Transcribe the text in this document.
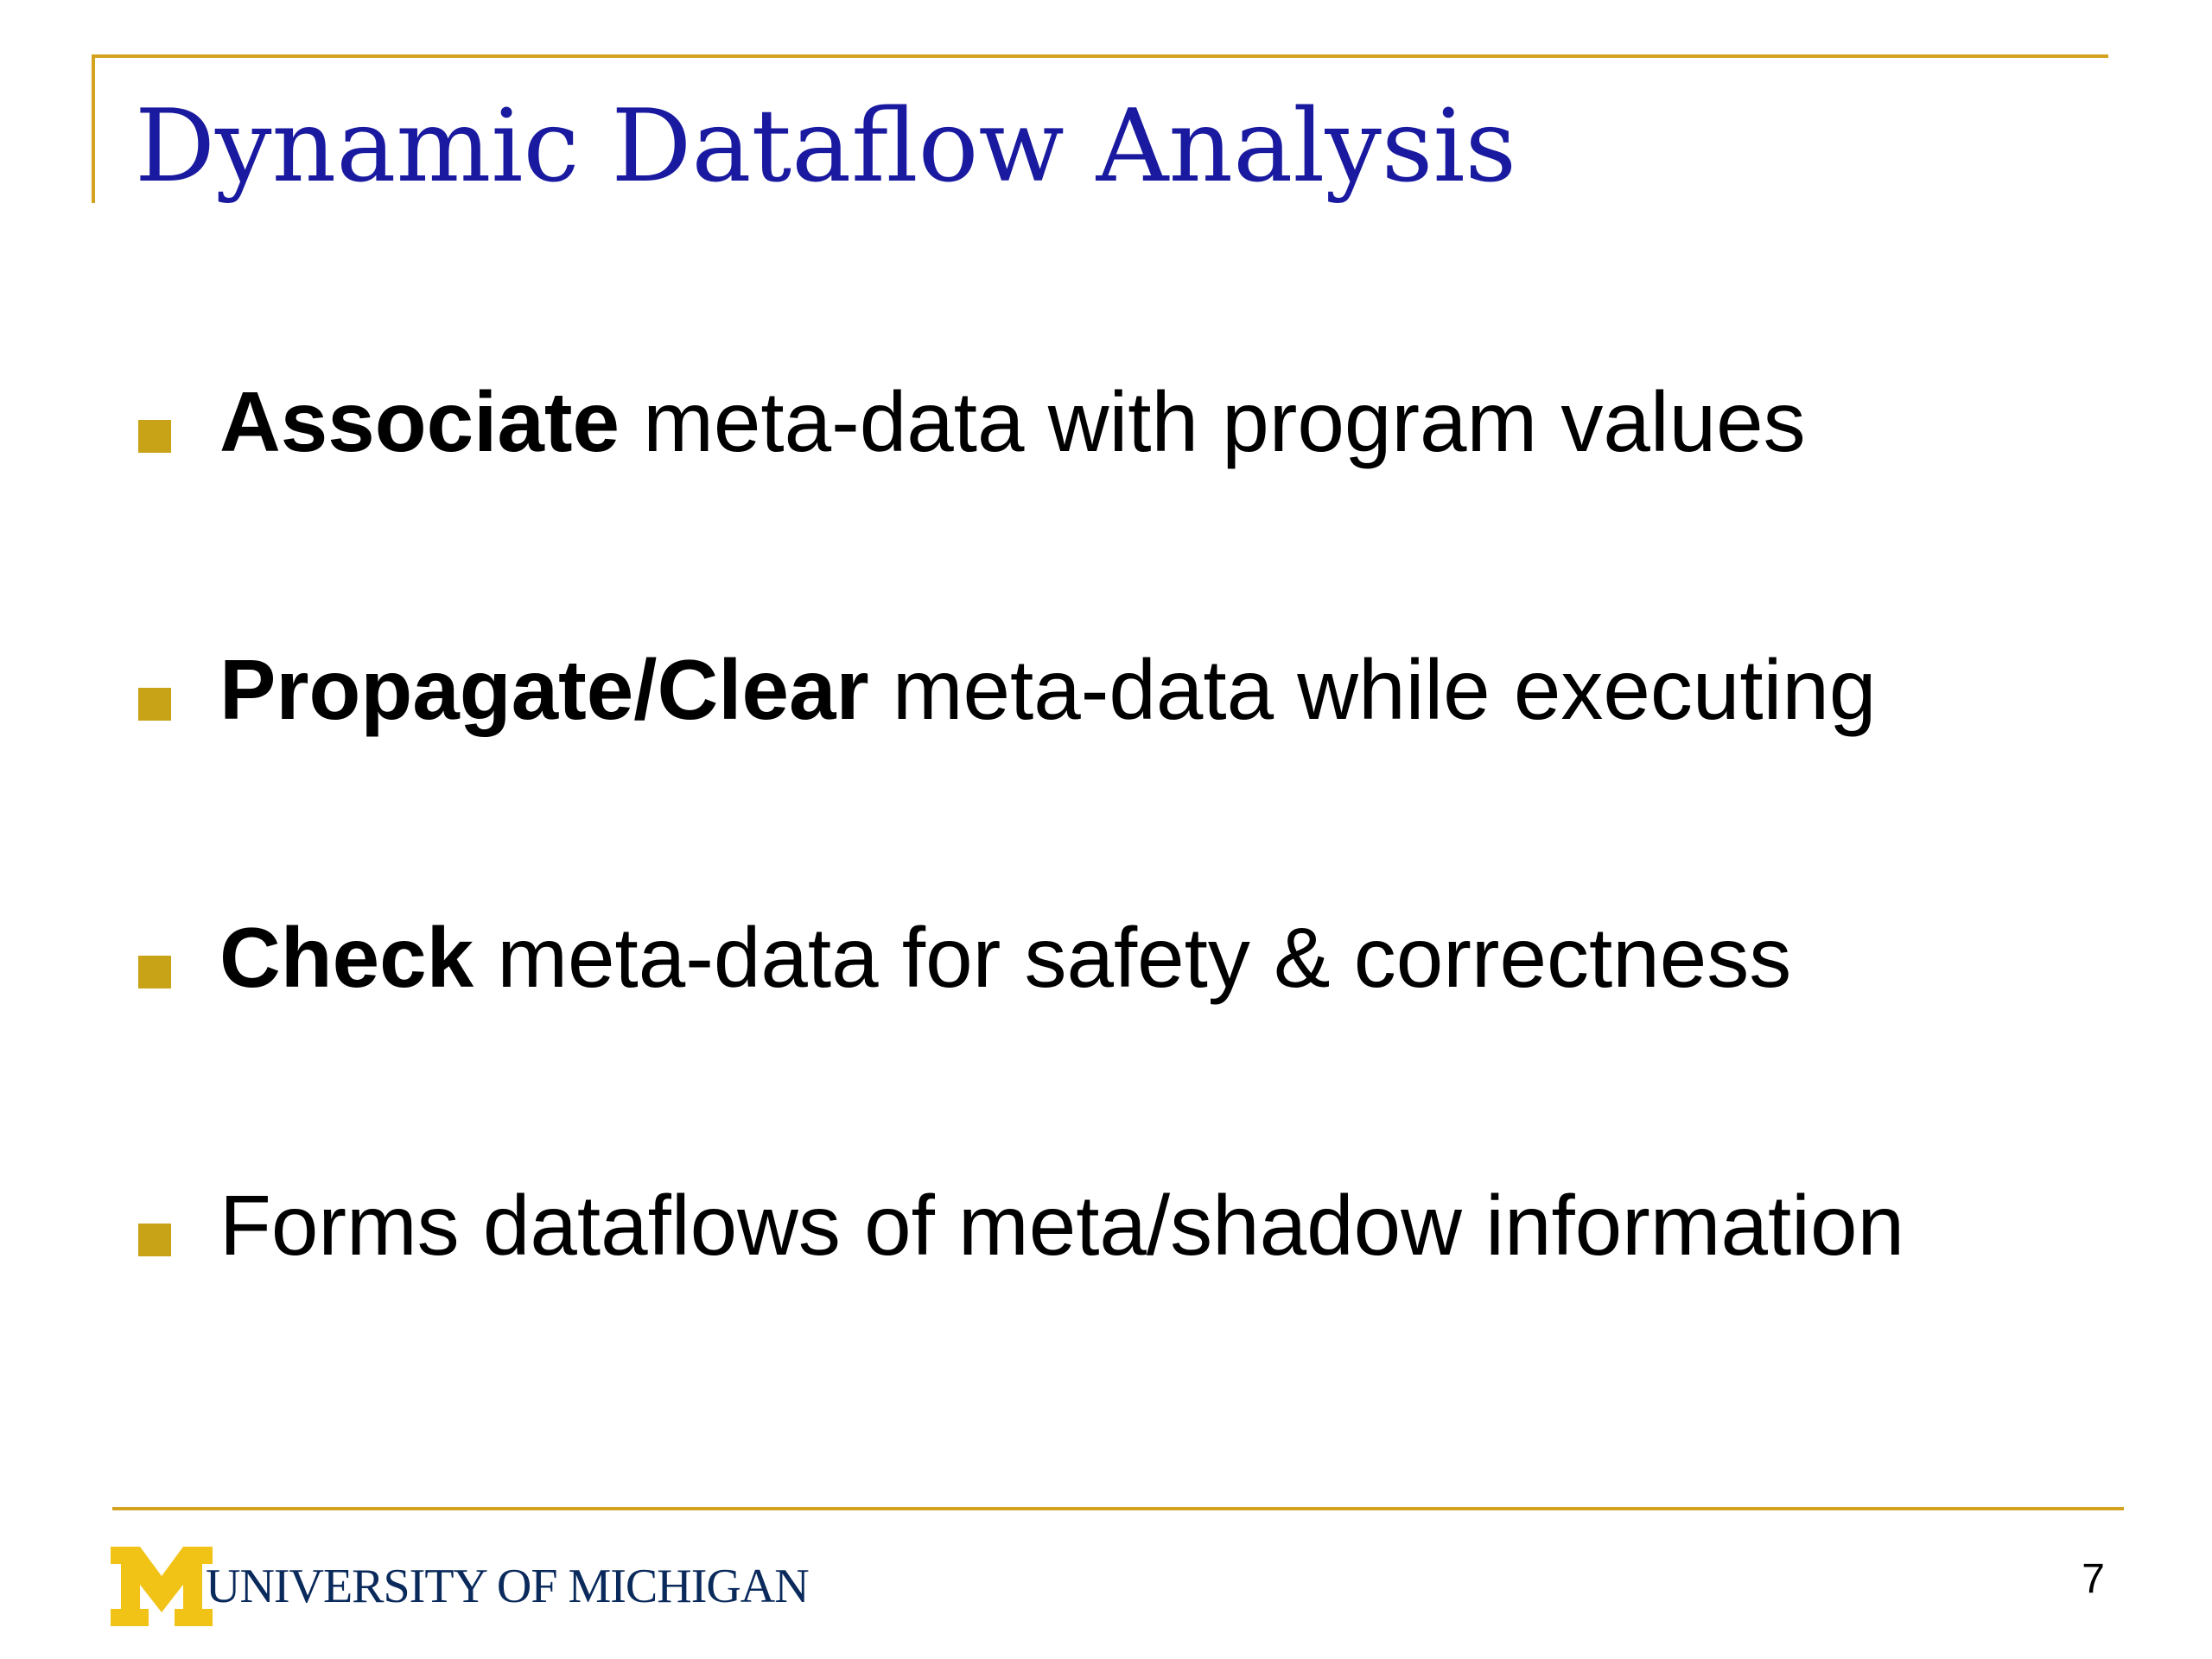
Dynamic Dataflow Analysis
Associate meta-data with program values
Propagate/Clear meta-data while executing
Check meta-data for safety & correctness
Forms dataflows of meta/shadow information
UNIVERSITY OF MICHIGAN	7
